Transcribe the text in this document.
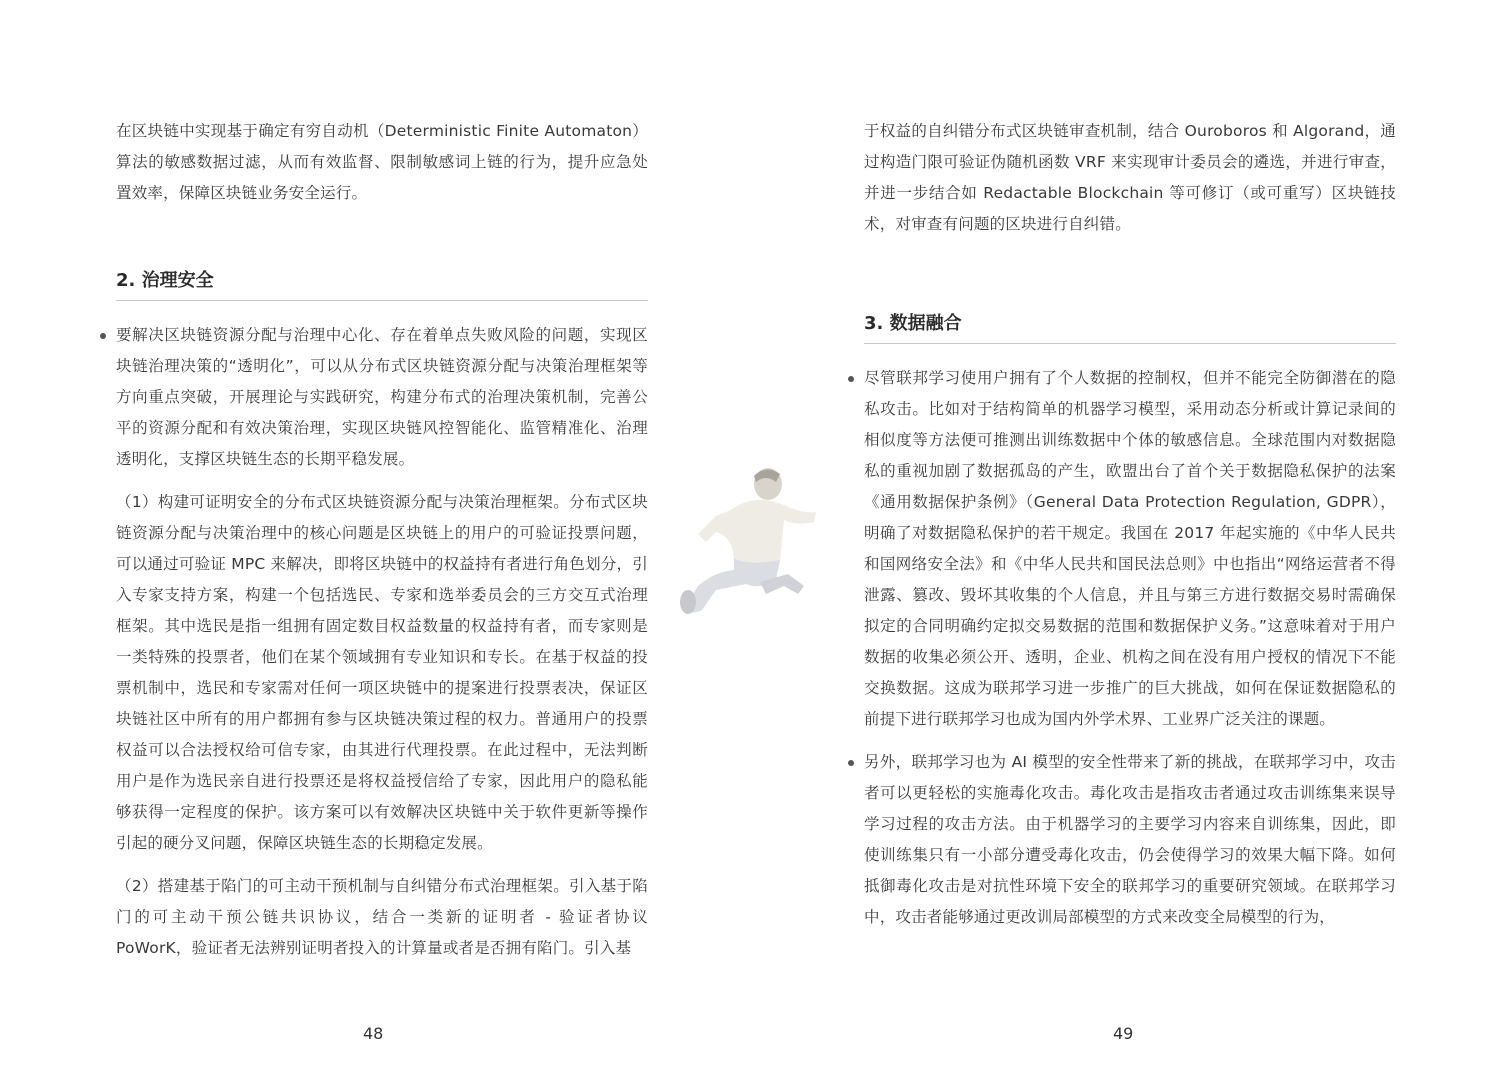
在区块链中实现基于确定有穷自动机（Deterministic Finite Automaton）算法的敏感数据过滤，从而有效监督、限制敏感词上链的行为，提升应急处置效率，保障区块链业务安全运行。

2. 治理安全

要解决区块链资源分配与治理中心化、存在着单点失败风险的问题，实现区块链治理决策的“透明化”，可以从分布式区块链资源分配与决策治理框架等方向重点突破，开展理论与实践研究，构建分布式的治理决策机制，完善公平的资源分配和有效决策治理，实现区块链风控智能化、监管精准化、治理透明化，支撑区块链生态的长期平稳发展。

（1）构建可证明安全的分布式区块链资源分配与决策治理框架。分布式区块链资源分配与决策治理中的核心问题是区块链上的用户的可验证投票问题，可以通过可验证 MPC 来解决，即将区块链中的权益持有者进行角色划分，引入专家支持方案，构建一个包括选民、专家和选举委员会的三方交互式治理框架。其中选民是指一组拥有固定数目权益数量的权益持有者，而专家则是一类特殊的投票者，他们在某个领域拥有专业知识和专长。在基于权益的投票机制中，选民和专家需对任何一项区块链中的提案进行投票表决，保证区块链社区中所有的用户都拥有参与区块链决策过程的权力。普通用户的投票权益可以合法授权给可信专家，由其进行代理投票。在此过程中，无法判断用户是作为选民亲自进行投票还是将权益授信给了专家，因此用户的隐私能够获得一定程度的保护。该方案可以有效解决区块链中关于软件更新等操作引起的硬分叉问题，保障区块链生态的长期稳定发展。

（2）搭建基于陷门的可主动干预机制与自纠错分布式治理框架。引入基于陷门的可主动干预公链共识协议，结合一类新的证明者 - 验证者协议 PoWorK，验证者无法辨别证明者投入的计算量或者是否拥有陷门。引入基

48

于权益的自纠错分布式区块链审查机制，结合 Ouroboros 和 Algorand，通过构造门限可验证伪随机函数 VRF 来实现审计委员会的遴选，并进行审查，并进一步结合如 Redactable Blockchain 等可修订（或可重写）区块链技术，对审查有问题的区块进行自纠错。

3. 数据融合

尽管联邦学习使用户拥有了个人数据的控制权，但并不能完全防御潜在的隐私攻击。比如对于结构简单的机器学习模型，采用动态分析或计算记录间的相似度等方法便可推测出训练数据中个体的敏感信息。全球范围内对数据隐私的重视加剧了数据孤岛的产生，欧盟出台了首个关于数据隐私保护的法案《通用数据保护条例》（General Data Protection Regulation, GDPR），明确了对数据隐私保护的若干规定。我国在 2017 年起实施的《中华人民共和国网络安全法》和《中华人民共和国民法总则》中也指出“网络运营者不得泄露、篡改、毁坏其收集的个人信息，并且与第三方进行数据交易时需确保拟定的合同明确约定拟交易数据的范围和数据保护义务。”这意味着对于用户数据的收集必须公开、透明，企业、机构之间在没有用户授权的情况下不能交换数据。这成为联邦学习进一步推广的巨大挑战，如何在保证数据隐私的前提下进行联邦学习也成为国内外学术界、工业界广泛关注的课题。

另外，联邦学习也为 AI 模型的安全性带来了新的挑战，在联邦学习中，攻击者可以更轻松的实施毒化攻击。毒化攻击是指攻击者通过攻击训练集来误导学习过程的攻击方法。由于机器学习的主要学习内容来自训练集，因此，即使训练集只有一小部分遭受毒化攻击，仍会使得学习的效果大幅下降。如何抵御毒化攻击是对抗性环境下安全的联邦学习的重要研究领域。在联邦学习中，攻击者能够通过更改训局部模型的方式来改变全局模型的行为，

49
